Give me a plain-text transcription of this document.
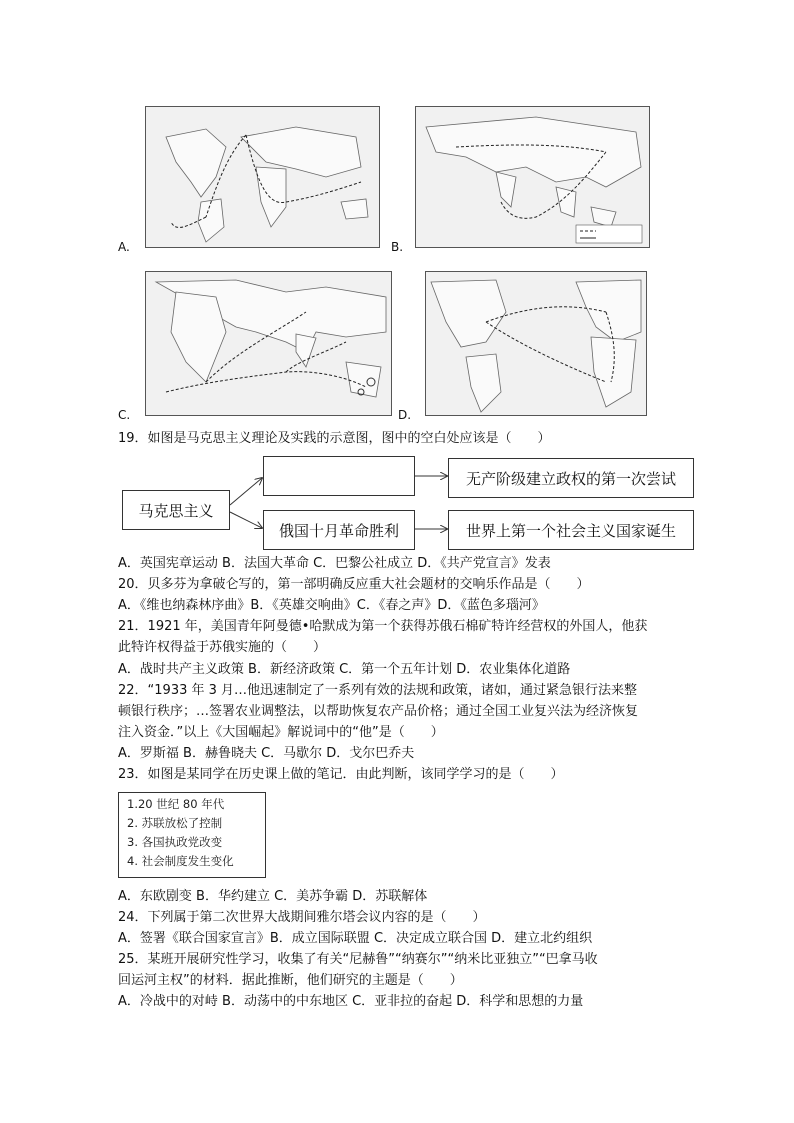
A.	B.
C.	D.
19．如图是马克思主义理论及实践的示意图，图中的空白处应该是（　　）
马克思主义
无产阶级建立政权的第一次尝试
俄国十月革命胜利	世界上第一个社会主义国家诞生
A．英国宪章运动 B．法国大革命 C．巴黎公社成立 D．《共产党宣言》发表
20．贝多芬为拿破仑写的，第一部明确反应重大社会题材的交响乐作品是（　　）
A．《维也纳森林序曲》B．《英雄交响曲》C．《春之声》D．《蓝色多瑙河》
21．1921 年，美国青年阿曼德•哈默成为第一个获得苏俄石棉矿特许经营权的外国人，他获
此特许权得益于苏俄实施的（　　）
A．战时共产主义政策 B．新经济政策 C．第一个五年计划 D．农业集体化道路
22．“1933 年 3 月…他迅速制定了一系列有效的法规和政策，诸如，通过紧急银行法来整
顿银行秩序；…签署农业调整法，以帮助恢复农产品价格；通过全国工业复兴法为经济恢复
注入资金．”以上《大国崛起》解说词中的“他”是（　　）
A．罗斯福 B．赫鲁晓夫 C．马歇尔 D．戈尔巴乔夫
23．如图是某同学在历史课上做的笔记．由此判断，该同学学习的是（　　）
1.20 世纪 80 年代
2. 苏联放松了控制
3. 各国执政党改变
4. 社会制度发生变化
A．东欧剧变 B．华约建立 C．美苏争霸 D．苏联解体
24．下列属于第二次世界大战期间雅尔塔会议内容的是（　　）
A．签署《联合国家宣言》B．成立国际联盟 C．决定成立联合国 D．建立北约组织
25．某班开展研究性学习，收集了有关“尼赫鲁”“纳赛尔”“纳米比亚独立”“巴拿马收
回运河主权”的材料．据此推断，他们研究的主题是（　　）
A．冷战中的对峙 B．动荡中的中东地区 C．亚非拉的奋起 D．科学和思想的力量
